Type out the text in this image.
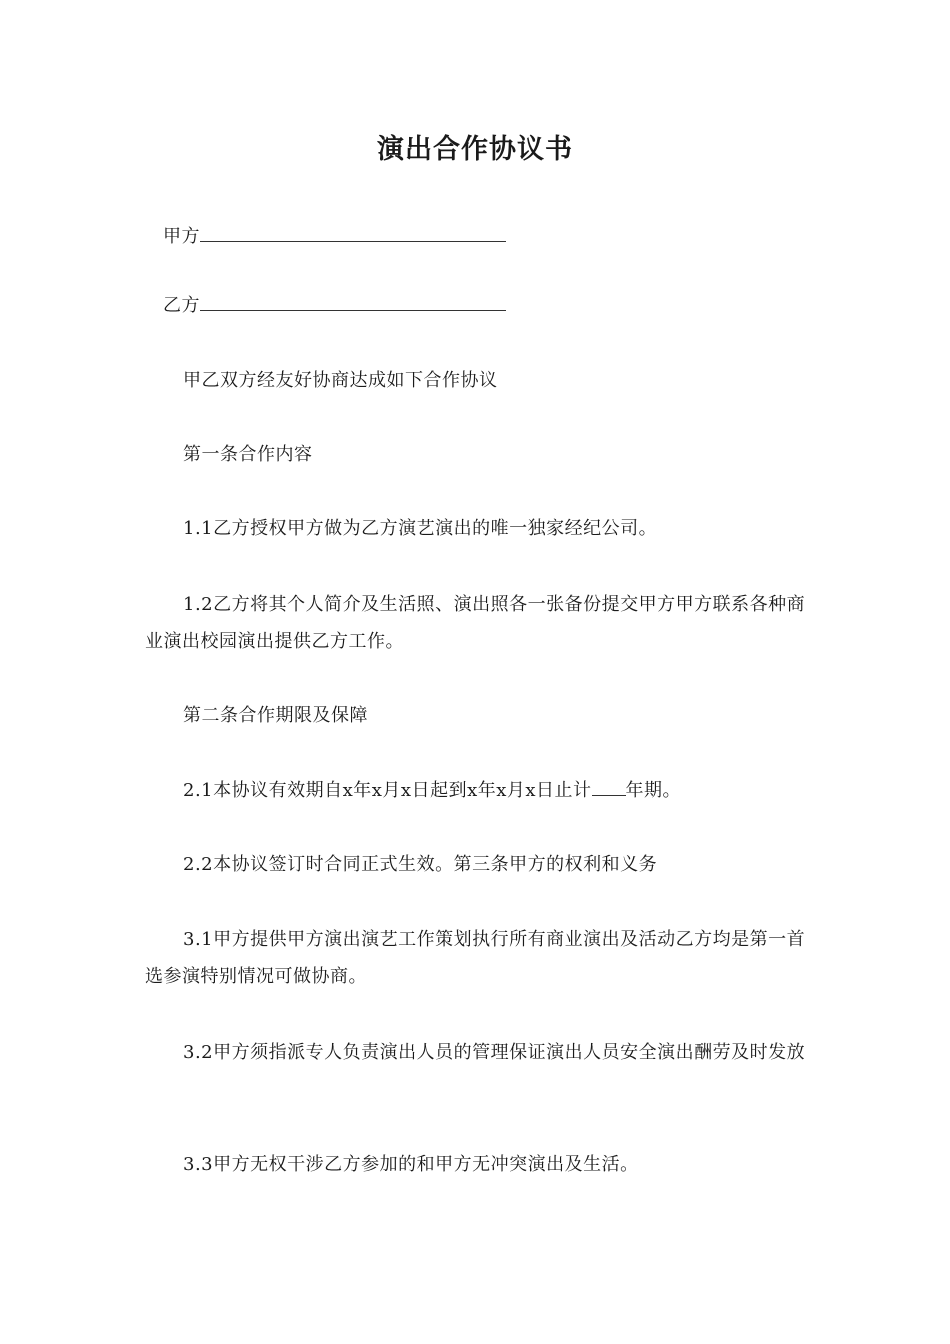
演出合作协议书
甲方
乙方
甲乙双方经友好协商达成如下合作协议
第一条合作内容
1.1乙方授权甲方做为乙方演艺演出的唯一独家经纪公司。
1.2乙方将其个人简介及生活照、演出照各一张备份提交甲方甲方联系各种商业演出校园演出提供乙方工作。
第二条合作期限及保障
2.1本协议有效期自x年x月x日起到x年x月x日止计 年期。
2.2本协议签订时合同正式生效。第三条甲方的权利和义务
3.1甲方提供甲方演出演艺工作策划执行所有商业演出及活动乙方均是第一首选参演特别情况可做协商。
3.2甲方须指派专人负责演出人员的管理保证演出人员安全演出酬劳及时发放
3.3甲方无权干涉乙方参加的和甲方无冲突演出及生活。
